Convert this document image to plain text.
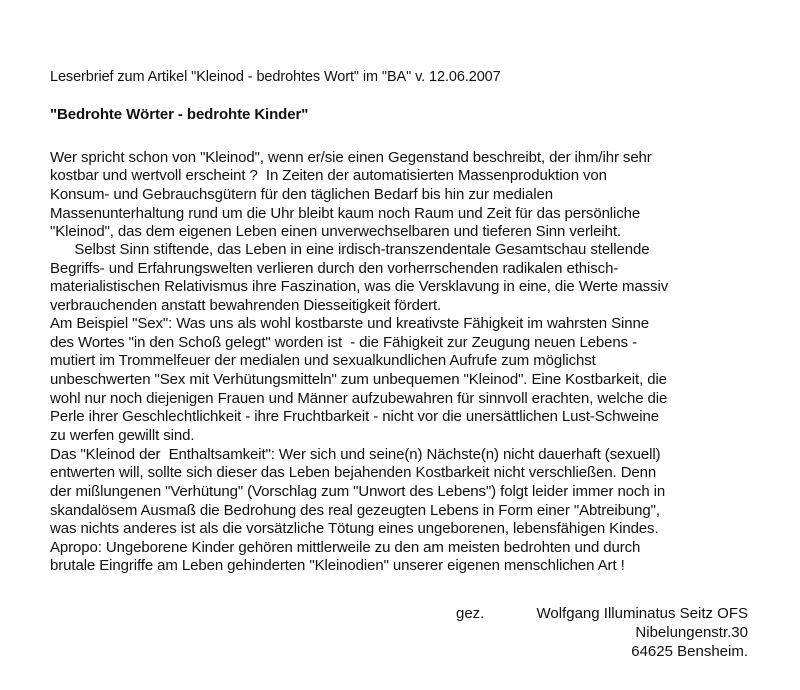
Leserbrief zum Artikel "Kleinod - bedrohtes Wort" im "BA" v. 12.06.2007
"Bedrohte Wörter - bedrohte Kinder"
Wer spricht schon von "Kleinod", wenn er/sie einen Gegenstand beschreibt, der ihm/ihr sehr
kostbar und wertvoll erscheint ?  In Zeiten der automatisierten Massenproduktion von
Konsum- und Gebrauchsgütern für den täglichen Bedarf bis hin zur medialen
Massenunterhaltung rund um die Uhr bleibt kaum noch Raum und Zeit für das persönliche
"Kleinod", das dem eigenen Leben einen unverwechselbaren und tieferen Sinn verleiht.
Selbst Sinn stiftende, das Leben in eine irdisch-transzendentale Gesamtschau stellende
Begriffs- und Erfahrungswelten verlieren durch den vorherrschenden radikalen ethisch-
materialistischen Relativismus ihre Faszination, was die Versklavung in eine, die Werte massiv
verbrauchenden anstatt bewahrenden Diesseitigkeit fördert.
Am Beispiel "Sex": Was uns als wohl kostbarste und kreativste Fähigkeit im wahrsten Sinne
des Wortes "in den Schoß gelegt" worden ist  - die Fähigkeit zur Zeugung neuen Lebens -
mutiert im Trommelfeuer der medialen und sexualkundlichen Aufrufe zum möglichst
unbeschwerten "Sex mit Verhütungsmitteln" zum unbequemen "Kleinod". Eine Kostbarkeit, die
wohl nur noch diejenigen Frauen und Männer aufzubewahren für sinnvoll erachten, welche die
Perle ihrer Geschlechtlichkeit - ihre Fruchtbarkeit - nicht vor die unersättlichen Lust-Schweine
zu werfen gewillt sind.
Das "Kleinod der  Enthaltsamkeit": Wer sich und seine(n) Nächste(n) nicht dauerhaft (sexuell)
entwerten will, sollte sich dieser das Leben bejahenden Kostbarkeit nicht verschließen. Denn
der mißlungenen "Verhütung" (Vorschlag zum "Unwort des Lebens") folgt leider immer noch in
skandalösem Ausmaß die Bedrohung des real gezeugten Lebens in Form einer "Abtreibung",
was nichts anderes ist als die vorsätzliche Tötung eines ungeborenen, lebensfähigen Kindes.
Apropo: Ungeborene Kinder gehören mittlerweile zu den am meisten bedrohten und durch
brutale Eingriffe am Leben gehinderten "Kleinodien" unserer eigenen menschlichen Art !
gez.	Wolfgang Illuminatus Seitz OFS
Nibelungenstr.30
64625 Bensheim.
